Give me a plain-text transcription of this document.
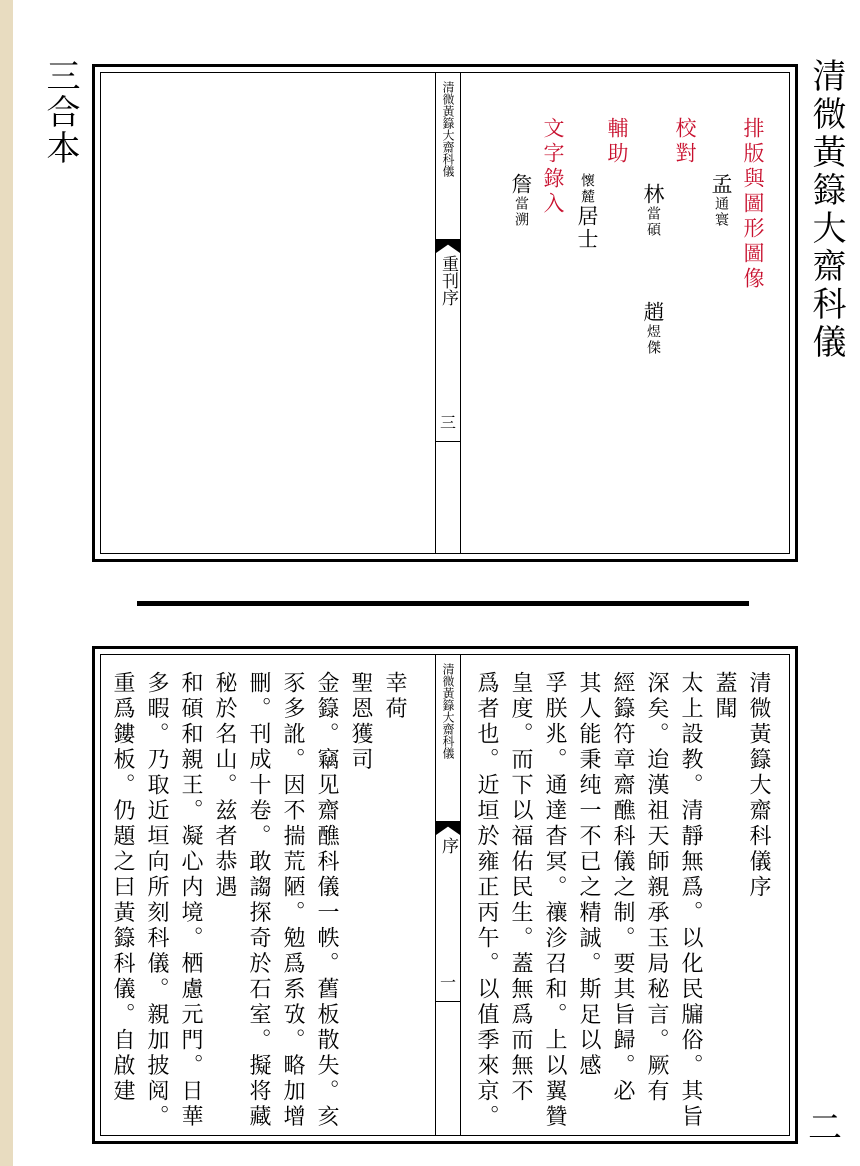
清微黃籙大齋科儀
三合本
二
清微黃籙大齋科儀
重刊序
三
排版與圖形圖像
孟通寰
校對
林當碩
趙煜傑
輔助
懷麓居士
文字錄入
詹當溯
清微黃籙大齋科儀
序
一
清微黃籙大齋科儀序
蓋聞
太上設教。清靜無爲。以化民牖俗。其旨
深矣。迨漢祖天師親承玉局秘言。厥有
經籙符章齋醮科儀之制。要其旨歸。必
其人能秉纯一不已之精誠。斯足以感
孚朕兆。通達杳冥。禳沴召和。上以翼贊
皇度。而下以福佑民生。蓋無爲而無不
爲者也。近垣於雍正丙午。以值季來京。
幸荷
聖恩獲司
金籙。竊见齋醮科儀一帙。舊板散失。亥
豕多訛。因不揣荒陋。勉爲系攷。略加增
刪。刊成十卷。敢謅探奇於石室。擬将藏
秘於名山。兹者恭遇
和碩和親王。凝心内境。栖慮元門。日華
多暇。乃取近垣向所刻科儀。親加披阅。
重爲鏤板。仍題之曰黃籙科儀。自啟建
